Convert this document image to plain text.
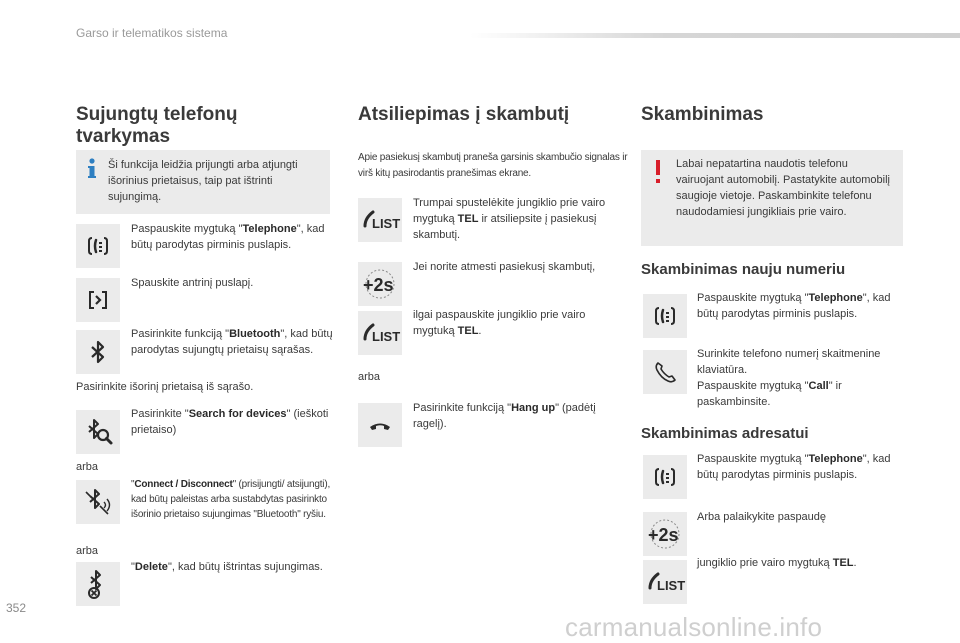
Garso ir telematikos sistema
Sujungtų telefonų
tvarkymas
Ši funkcija leidžia prijungti arba atjungti išorinius prietaisus, taip pat ištrinti sujungimą.
Paspauskite mygtuką "Telephone", kad būtų parodytas pirminis puslapis.
Spauskite antrinį puslapį.
Pasirinkite funkciją "Bluetooth", kad būtų parodytas sujungtų prietaisų sąrašas.
Pasirinkite išorinį prietaisą iš sąrašo.
Pasirinkite "Search for devices" (ieškoti prietaiso)
arba
"Connect / Disconnect" (prisijungti/ atsijungti), kad būtų paleistas arba sustabdytas pasirinkto išorinio prietaiso sujungimas "Bluetooth" ryšiu.
arba
"Delete", kad būtų ištrintas sujungimas.
Atsiliepimas į skambutį
Apie pasiekusį skambutį praneša garsinis skambučio signalas ir virš kitų pasirodantis pranešimas ekrane.
LIST
Trumpai spustelėkite jungiklio prie vairo mygtuką TEL ir atsiliepsite į pasiekusį skambutį.
+2s
Jei norite atmesti pasiekusį skambutį,
LIST
ilgai paspauskite jungiklio prie vairo mygtuką TEL.
arba
Pasirinkite funkciją "Hang up" (padėtį ragelį).
Skambinimas
Labai nepatartina naudotis telefonu vairuojant automobilį. Pastatykite automobilį saugioje vietoje. Paskambinkite telefonu naudodamiesi jungikliais prie vairo.
Skambinimas nauju numeriu
Paspauskite mygtuką "Telephone", kad būtų parodytas pirminis puslapis.
Surinkite telefono numerį skaitmenine klaviatūra.
Paspauskite mygtuką "Call" ir paskambinsite.
Skambinimas adresatui
Paspauskite mygtuką "Telephone", kad būtų parodytas pirminis puslapis.
+2s
Arba palaikykite paspaudę
LIST
jungiklio prie vairo mygtuką TEL.
352
carmanualsonline.info
